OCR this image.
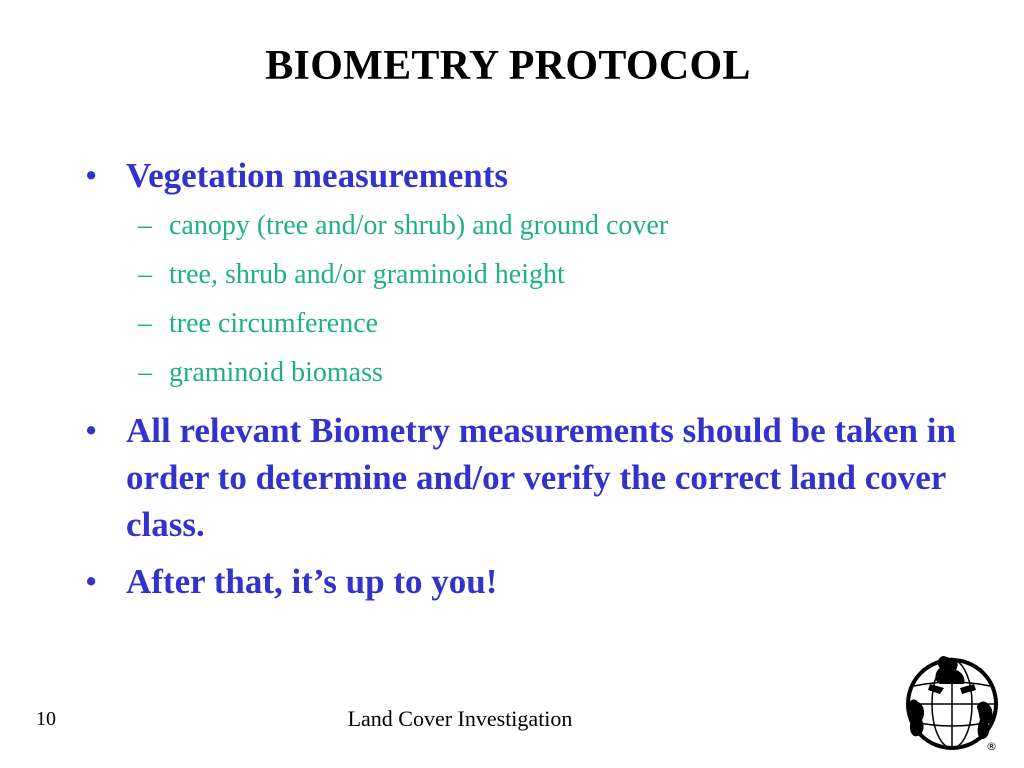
BIOMETRY PROTOCOL
• Vegetation measurements
– canopy (tree and/or shrub) and ground cover
– tree, shrub and/or graminoid height
– tree circumference
– graminoid biomass
• All relevant Biometry measurements should be taken in order to determine and/or verify the correct land cover class.
• After that, it’s up to you!
10	Land Cover Investigation
®
